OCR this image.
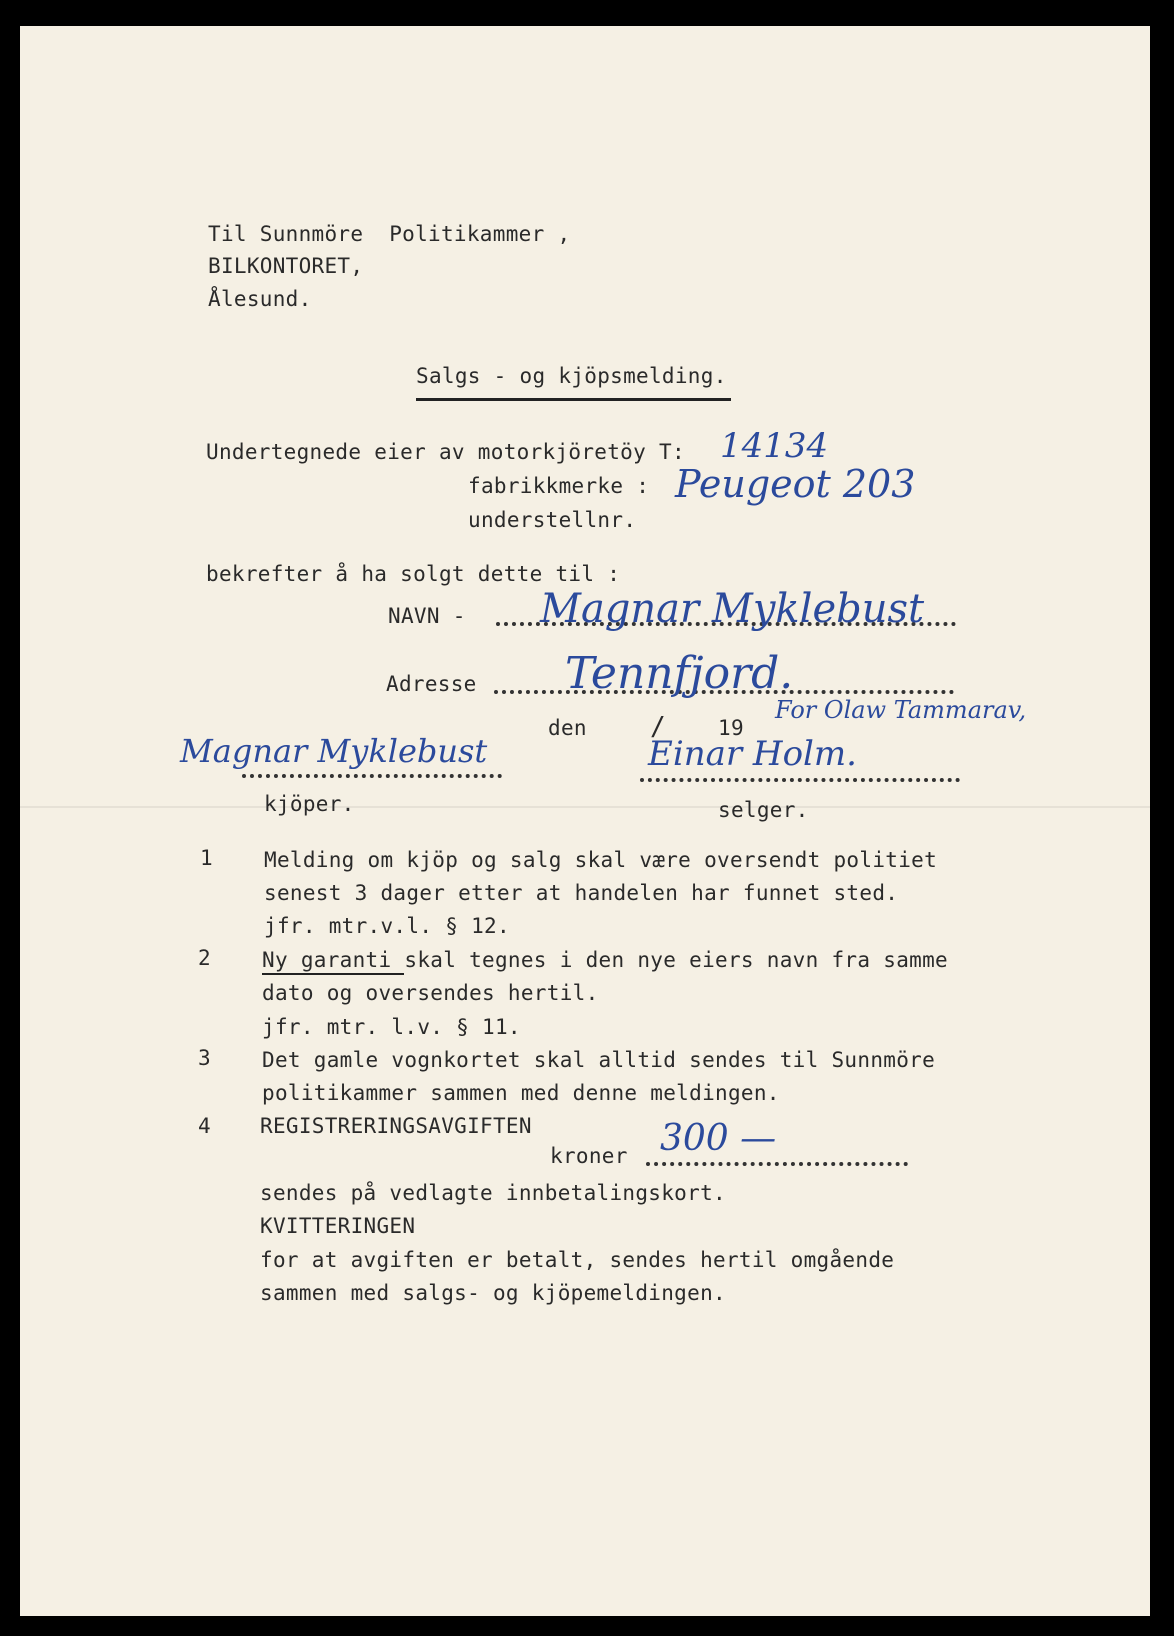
Til Sunnmöre  Politikammer ,
BILKONTORET,
Ålesund.
Salgs - og kjöpsmelding.
Undertegnede eier av motorkjöretöy T: 14134
fabrikkmerke : Peugeot 203
understellnr.
bekrefter å ha solgt dette til :
NAVN - Magnar Myklebust
Adresse Tennfjord.
den / 19
For Olaw Tammarav,
Magnar Myklebust	Einar Holm.
kjöper.	selger.
1 Melding om kjöp og salg skal være oversendt politiet
senest 3 dager etter at handelen har funnet sted.
jfr. mtr.v.l. § 12.
2 Ny garanti skal tegnes i den nye eiers navn fra samme
dato og oversendes hertil.
jfr. mtr. l.v. § 11.
3 Det gamle vognkortet skal alltid sendes til Sunnmöre
politikammer sammen med denne meldingen.
4 REGISTRERINGSAVGIFTEN
kroner 300 —
sendes på vedlagte innbetalingskort.
KVITTERINGEN
for at avgiften er betalt, sendes hertil omgående
sammen med salgs- og kjöpemeldingen.
